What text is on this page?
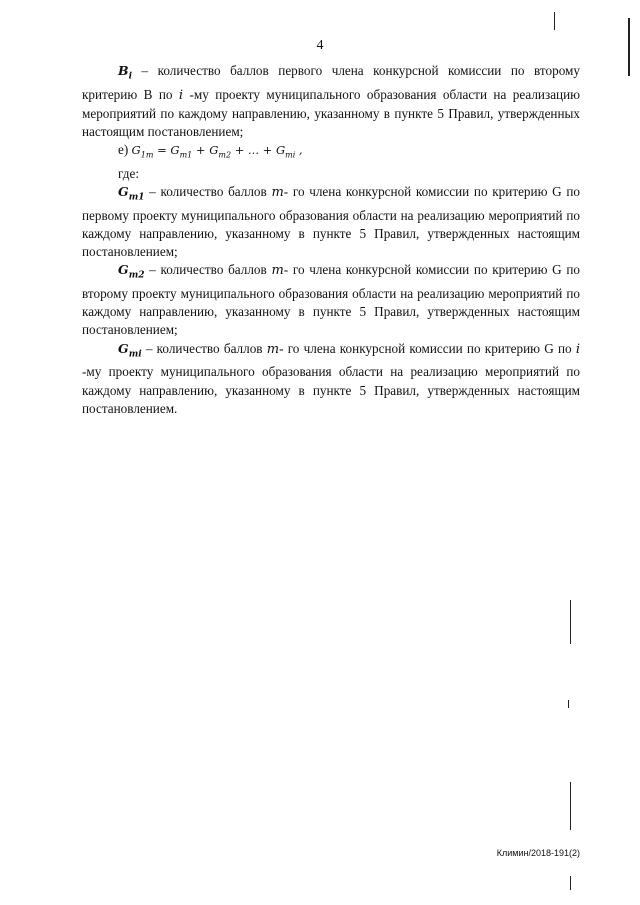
4

$B_i$ – количество баллов первого члена конкурсной комиссии по второму критерию В по i -му проекту муниципального образования области на реализацию мероприятий по каждому направлению, указанному в пункте 5 Правил, утвержденных настоящим постановлением;

е) $G_{1m} = G_{m1} + G_{m2}$ + ... + $G_{mi}$ ,

где:

$G_{m1}$ – количество баллов m- го члена конкурсной комиссии по критерию G по первому проекту муниципального образования области на реализацию мероприятий по каждому направлению, указанному в пункте 5 Правил, утвержденных настоящим постановлением;

$G_{m2}$ – количество баллов m- го члена конкурсной комиссии по критерию G по второму проекту муниципального образования области на реализацию мероприятий по каждому направлению, указанному в пункте 5 Правил, утвержденных настоящим постановлением;

$G_{mi}$ – количество баллов m- го члена конкурсной комиссии по критерию G по i -му проекту муниципального образования области на реализацию мероприятий по каждому направлению, указанному в пункте 5 Правил, утвержденных настоящим постановлением.

Климин/2018-191(2)
